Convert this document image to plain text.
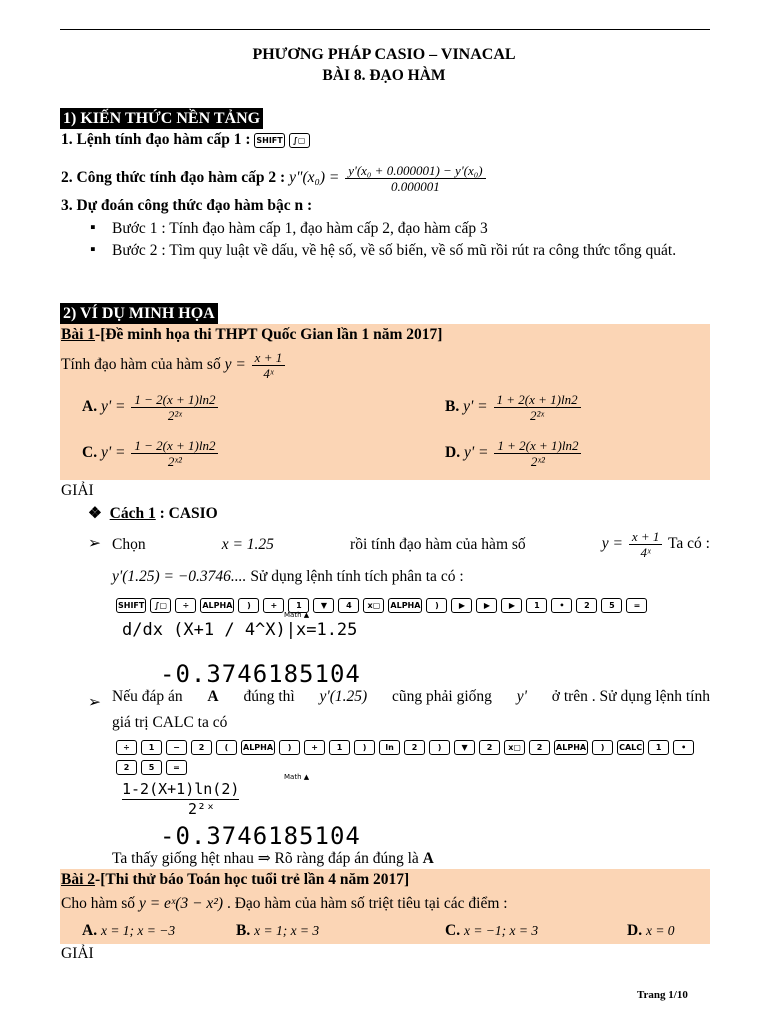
PHƯƠNG PHÁP CASIO – VINACAL
BÀI 8. ĐẠO HÀM
1) KIẾN THỨC NỀN TẢNG
1. Lệnh tính đạo hàm cấp 1 : SHIFT ∫▢
2. Công thức tính đạo hàm cấp 2 : y"(x₀) = $\frac{\text{y'(x₀ + 0.000001) − y'(x₀)}}{0.000001}$
3. Dự đoán công thức đạo hàm bậc n :
▪ Bước 1 : Tính đạo hàm cấp 1, đạo hàm cấp 2, đạo hàm cấp 3
▪ Bước 2 : Tìm quy luật về dấu, về hệ số, về số biến, về số mũ rồi rút ra công thức tổng quát.
2) VÍ DỤ MINH HỌA
Bài 1-[Đề minh họa thi THPT Quốc Gian lần 1 năm 2017]
Tính đạo hàm của hàm số $y = \frac{x + 1}{\text{4ˣ}}$
A. $y' = \frac{1 - 2(x + 1)\ln 2}{\text{2²ˣ}}$	B. $y' = \frac{1 + 2(x + 1)\ln 2}{\text{2²ˣ}}$
C. $y' = \frac{1 - 2(x + 1)\ln 2}{\text{2ˣ²}}$	D. $y' = \frac{1 + 2(x + 1)\ln 2}{\text{2ˣ²}}$
GIẢI
❖ Cách 1 : CASIO
➢ Chọn	x = 1.25	rồi tính đạo hàm của hàm số	$y = \frac{x + 1}{\text{4ˣ}}$ Ta có :
y'(1.25) = −0.3746.... Sử dụng lệnh tính tích phân ta có :
SHIFT ∫▢ ÷ ALPHA ) + 1 ▼ 4 x▢ ALPHA )	▶ ▶ ▶ 1 • 2 5 =
Math ▲
d/dx (X+1 / 4^X)|x=1.25
-0.3746185104
➢ Nếu đáp án A đúng thì y'(1.25) cũng phải giống y' ở trên . Sử dụng lệnh tính
giá trị CALC ta có
÷ 1 − 2	( ALPHA ) + 1	) ln 2	)	▼ 2 x▢ 2 ALPHA ) CALC 1 •
2 5 =
Math ▲
1-2(X+1)ln(2)
2²ˣ
-0.3746185104
Ta thấy giống hệt nhau ⇒ Rõ ràng đáp án đúng là A
Bài 2-[Thi thử báo Toán học tuổi trẻ lần 4 năm 2017]
Cho hàm số y = eˣ(3 − x²) . Đạo hàm của hàm số triệt tiêu tại các điểm :
A. x = 1; x = −3	B. x = 1; x = 3	C. x = −1; x = 3	D. x = 0
GIẢI
Trang 1/10
